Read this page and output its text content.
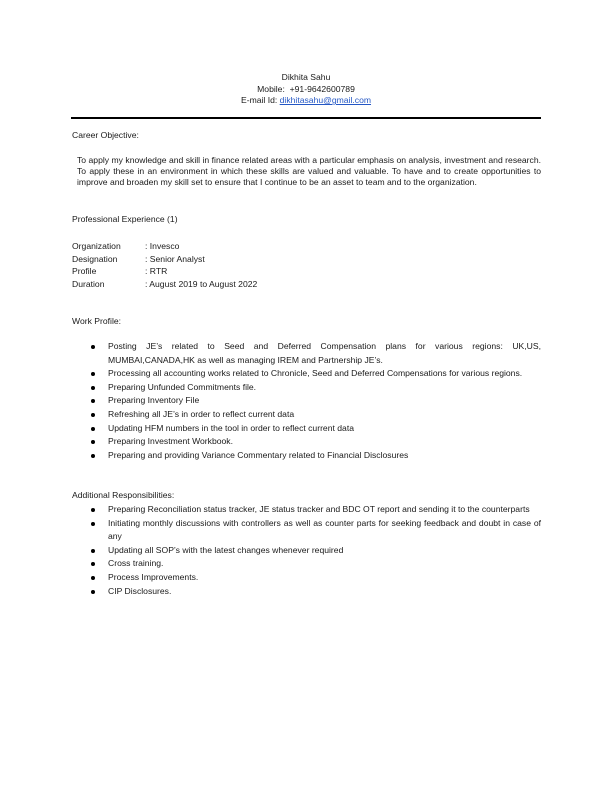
Dikhita Sahu
Mobile: +91-9642600789
E-mail Id: dikhitasahu@gmail.com
Career Objective:
To apply my knowledge and skill in finance related areas with a particular emphasis on analysis, investment and research. To apply these in an environment in which these skills are valued and valuable. To have and to create opportunities to improve and broaden my skill set to ensure that I continue to be an asset to team and to the organization.
Professional Experience (1)
Organization	: Invesco
Designation	: Senior Analyst
Profile	: RTR
Duration	: August 2019 to August 2022
Work Profile:
Posting JE’s related to Seed and Deferred Compensation plans for various regions: UK,US, MUMBAI,CANADA,HK as well as managing IREM and Partnership JE’s.
Processing all accounting works related to Chronicle, Seed and Deferred Compensations for various regions.
Preparing Unfunded Commitments file.
Preparing Inventory File
Refreshing all JE’s in order to reflect current data
Updating HFM numbers in the tool in order to reflect current data
Preparing Investment Workbook.
Preparing and providing Variance Commentary related to Financial Disclosures
Additional Responsibilities:
Preparing Reconciliation status tracker, JE status tracker and BDC OT report and sending it to the counterparts
Initiating monthly discussions with controllers as well as counter parts for seeking feedback and doubt in case of any
Updating all SOP’s with the latest changes whenever required
Cross training.
Process Improvements.
CIP Disclosures.
